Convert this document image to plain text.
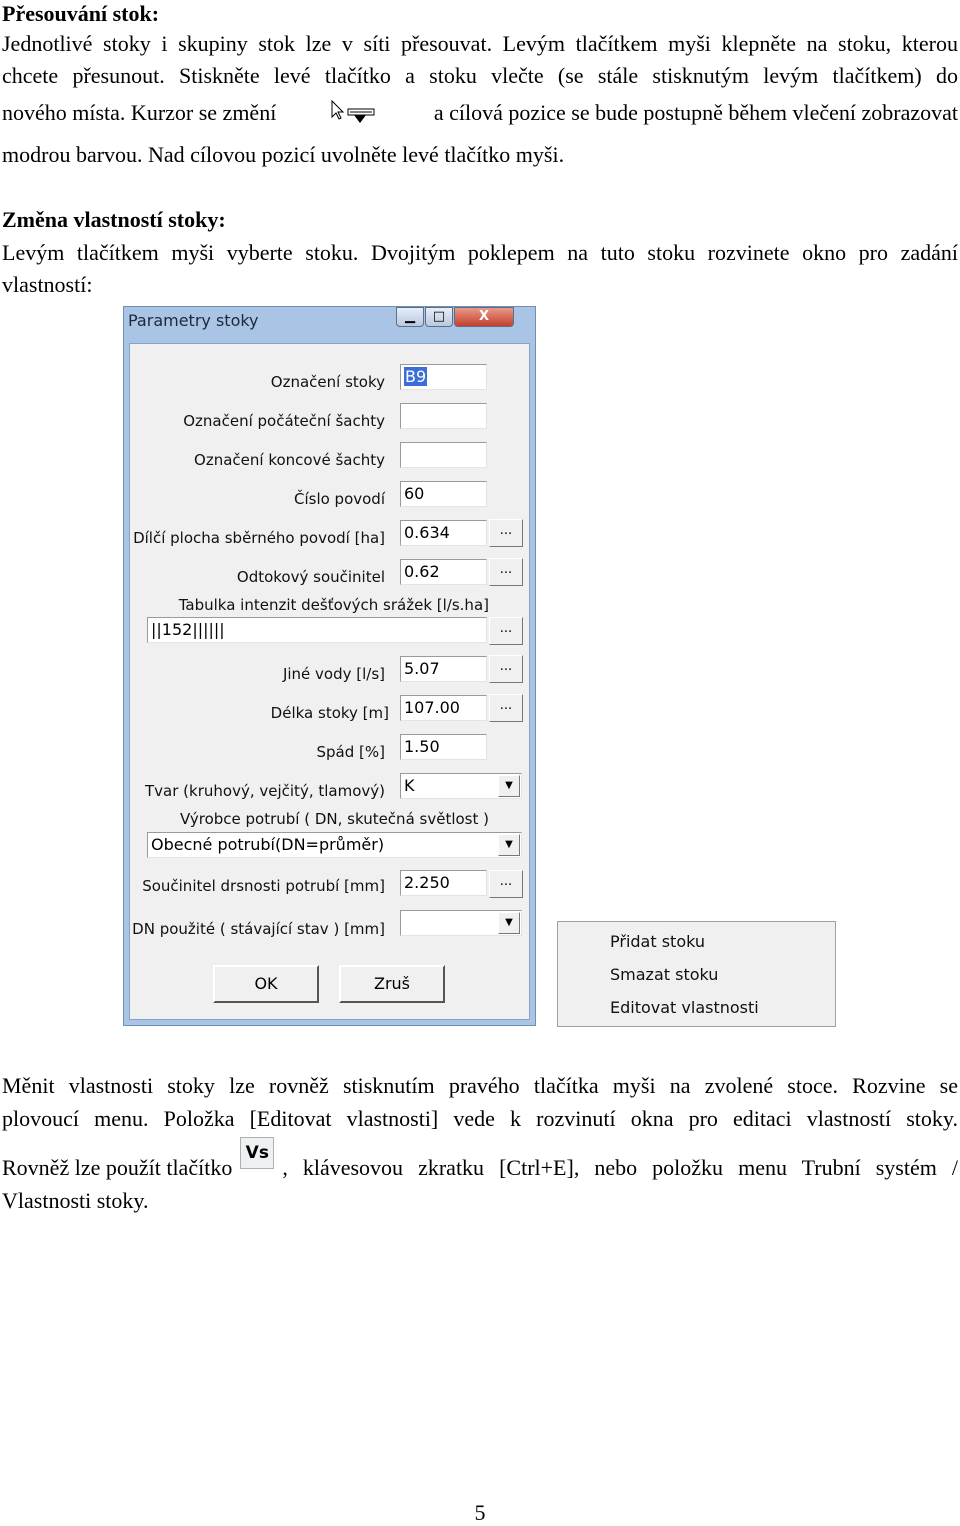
Přesouvání stok:

Jednotlivé stoky i skupiny stok lze v síti přesouvat. Levým tlačítkem myši klepněte na stoku, kterou

chcete přesunout. Stiskněte levé tlačítko a stoku vlečte (se stále stisknutým levým tlačítkem) do

nového místa. Kurzor se změní	a cílová pozice se bude postupně během vlečení zobrazovat

modrou barvou. Nad cílovou pozicí uvolněte levé tlačítko myši.

Změna vlastností stoky:

Levým tlačítkem myši vyberte stoku. Dvojitým poklepem na tuto stoku rozvinete okno pro zadání

vlastností:

Parametry stoky	▁	□	X
Označení stoky	B9
Označení počáteční šachty
Označení koncové šachty
Číslo povodí 60
Dílčí plocha sběrného povodí [ha] 0.634	...
Odtokový součinitel 0.62	...
Tabulka intenzit dešťových srážek [l/s.ha]
||152||||||	...
Jiné vody [l/s] 5.07	...
Délka stoky [m] 107.00	...
Spád [%] 1.50
Tvar (kruhový, vejčitý, tlamový) K	▼
Výrobce potrubí ( DN, skutečná světlost )
Obecné potrubí(DN=průměr)	▼
Součinitel drsnosti potrubí [mm] 2.250	...
DN použité ( stávající stav ) [mm]	▼
OK	Zruš
Přidat stoku
Smazat stoku
Editovat vlastnosti

Měnit vlastnosti stoky lze rovněž stisknutím pravého tlačítka myši na zvolené stoce. Rozvine se

plovoucí menu. Položka [Editovat vlastnosti] vede k rozvinutí okna pro editaci vlastností stoky.

Rovněž lze použít tlačítko
Vs
, klávesovou zkratku [Ctrl+E], nebo položku menu Trubní systém /

Vlastnosti stoky.

5
